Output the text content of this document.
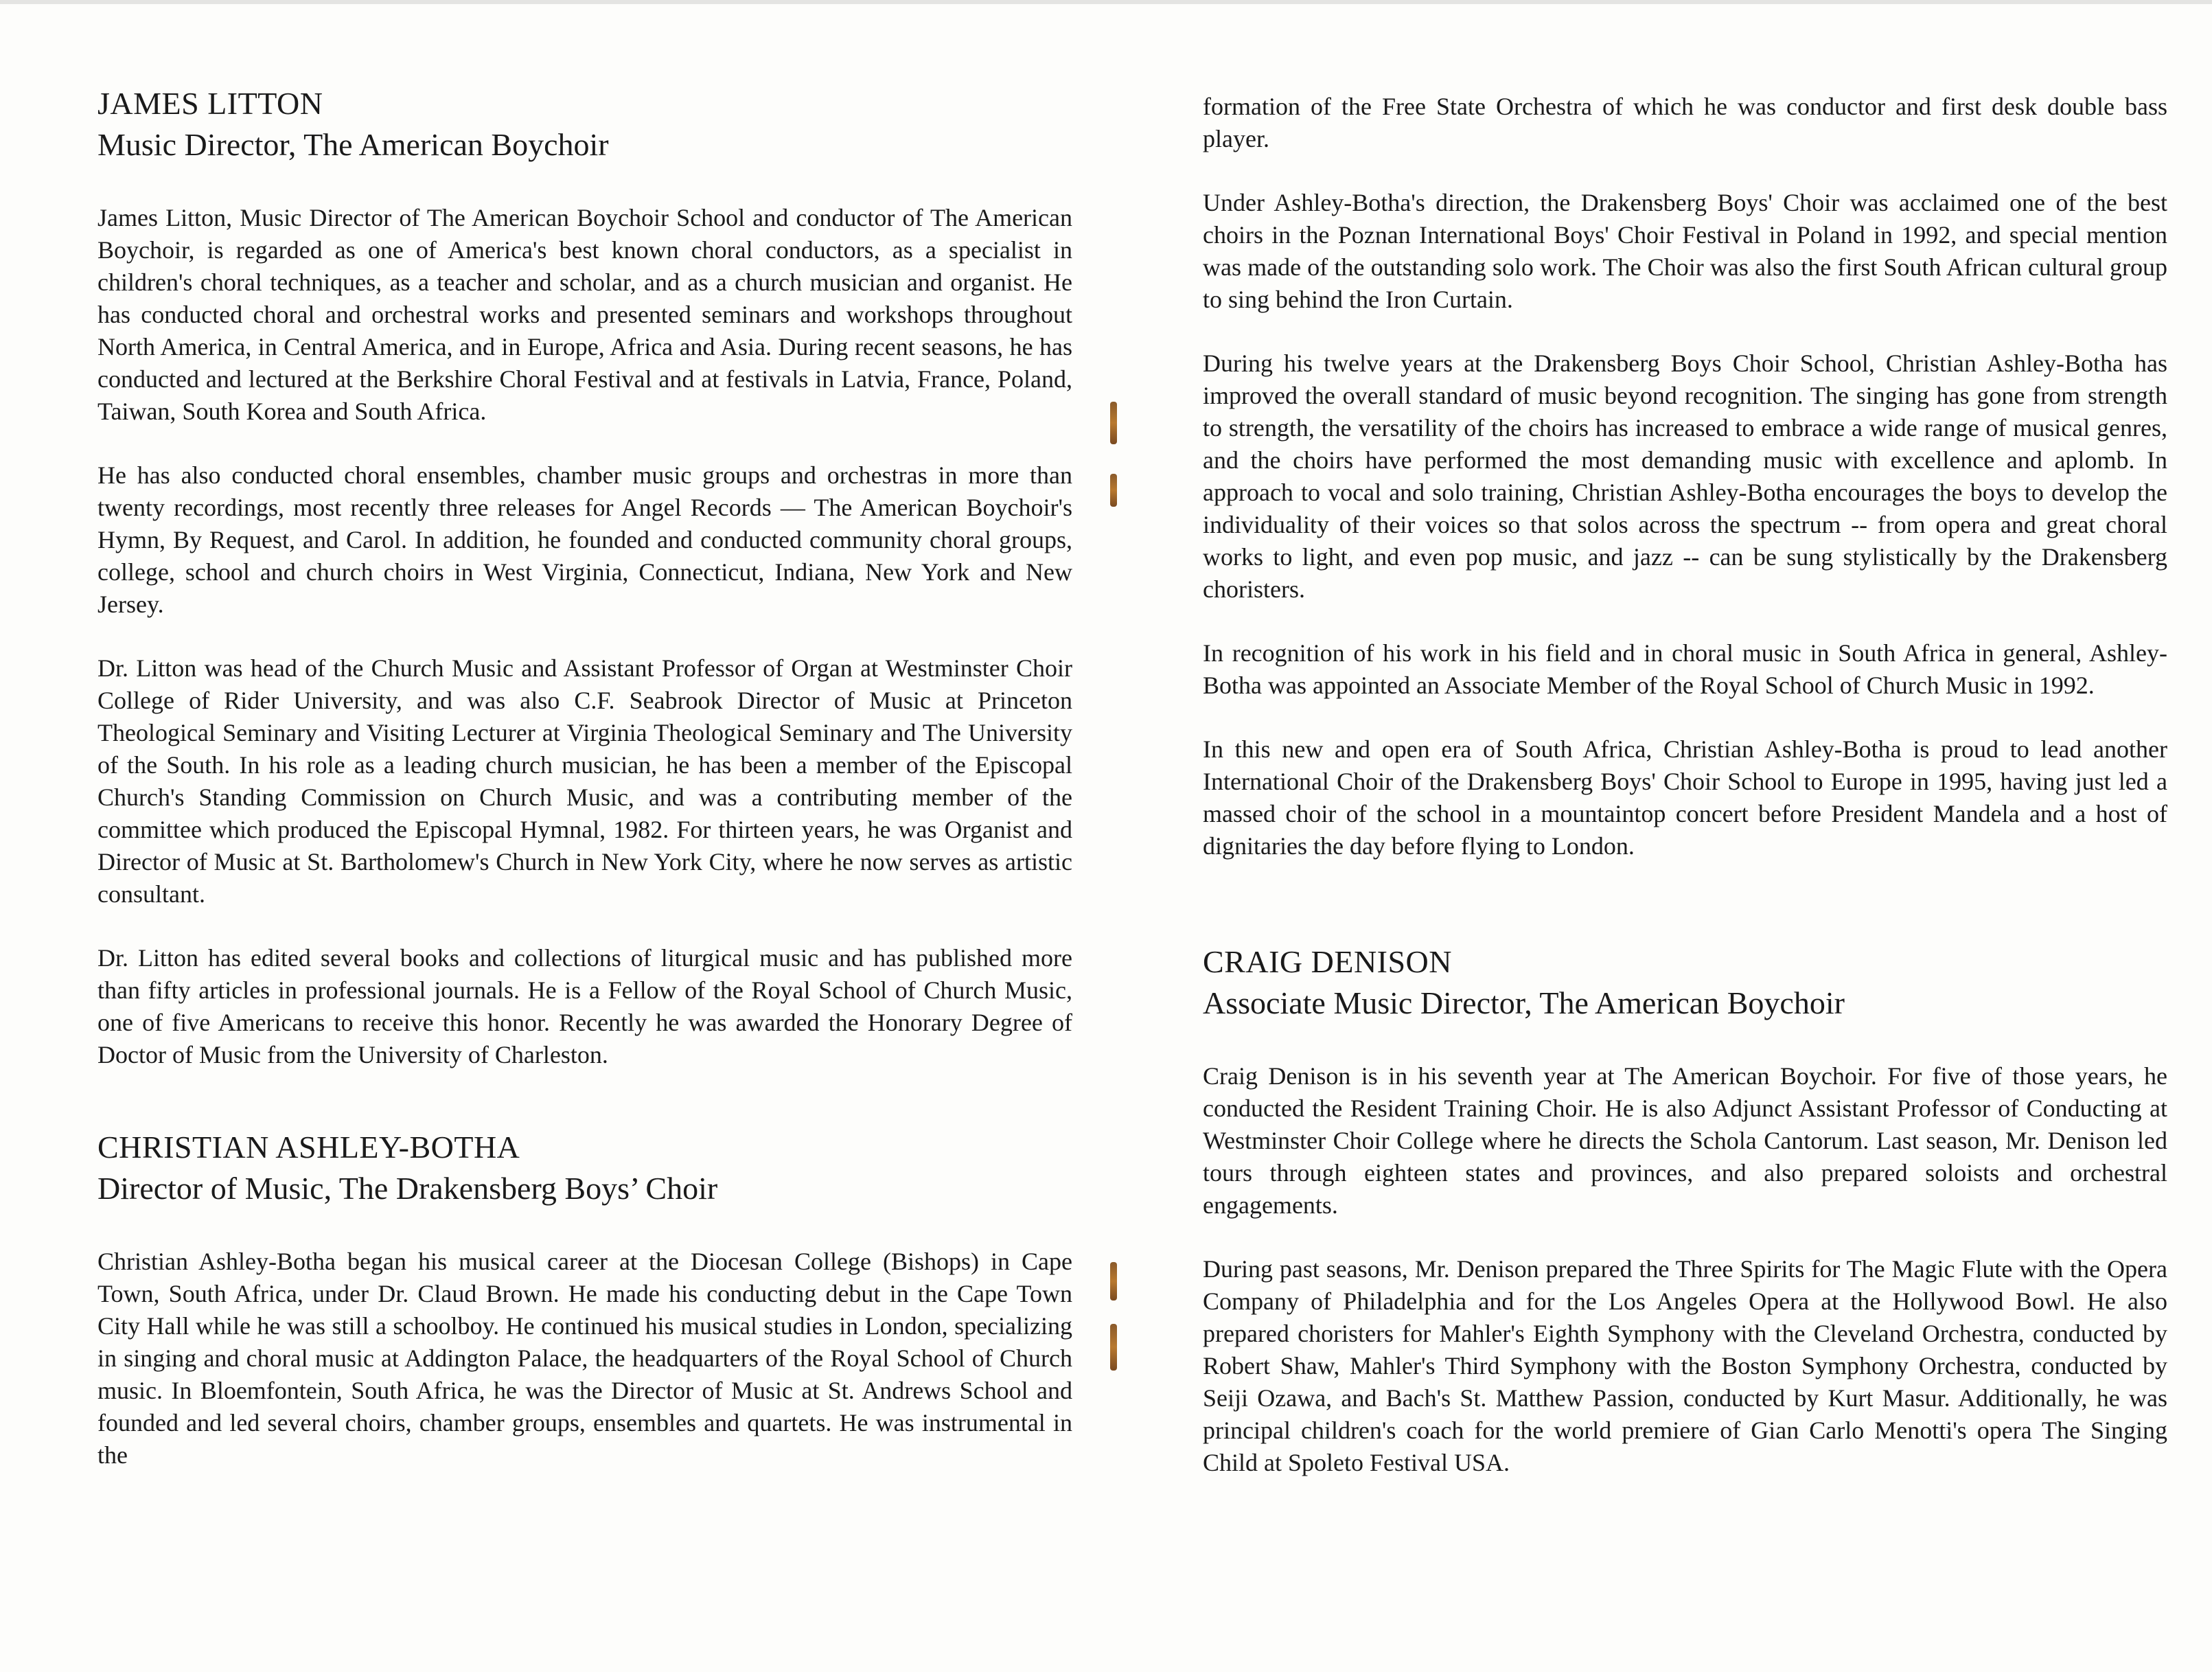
JAMES LITTON
Music Director, The American Boychoir

James Litton, Music Director of The American Boychoir School and conductor of The American Boychoir, is regarded as one of America's best known choral conductors, as a specialist in children's choral techniques, as a teacher and scholar, and as a church musician and organist. He has conducted choral and orchestral works and presented seminars and workshops throughout North America, in Central America, and in Europe, Africa and Asia. During recent seasons, he has conducted and lectured at the Berkshire Choral Festival and at festivals in Latvia, France, Poland, Taiwan, South Korea and South Africa.

He has also conducted choral ensembles, chamber music groups and orchestras in more than twenty recordings, most recently three releases for Angel Records — The American Boychoir's Hymn, By Request, and Carol. In addition, he founded and conducted community choral groups, college, school and church choirs in West Virginia, Connecticut, Indiana, New York and New Jersey.

Dr. Litton was head of the Church Music and Assistant Professor of Organ at Westminster Choir College of Rider University, and was also C.F. Seabrook Director of Music at Princeton Theological Seminary and Visiting Lecturer at Virginia Theological Seminary and The University of the South. In his role as a leading church musician, he has been a member of the Episcopal Church's Standing Commission on Church Music, and was a contributing member of the committee which produced the Episcopal Hymnal, 1982. For thirteen years, he was Organist and Director of Music at St. Bartholomew's Church in New York City, where he now serves as artistic consultant.

Dr. Litton has edited several books and collections of liturgical music and has published more than fifty articles in professional journals. He is a Fellow of the Royal School of Church Music, one of five Americans to receive this honor. Recently he was awarded the Honorary Degree of Doctor of Music from the University of Charleston.

CHRISTIAN ASHLEY-BOTHA
Director of Music, The Drakensberg Boys’ Choir

Christian Ashley-Botha began his musical career at the Diocesan College (Bishops) in Cape Town, South Africa, under Dr. Claud Brown. He made his conducting debut in the Cape Town City Hall while he was still a schoolboy. He continued his musical studies in London, specializing in singing and choral music at Addington Palace, the headquarters of the Royal School of Church music. In Bloemfontein, South Africa, he was the Director of Music at St. Andrews School and founded and led several choirs, chamber groups, ensembles and quartets. He was instrumental in the

formation of the Free State Orchestra of which he was conductor and first desk double bass player.

Under Ashley-Botha's direction, the Drakensberg Boys' Choir was acclaimed one of the best choirs in the Poznan International Boys' Choir Festival in Poland in 1992, and special mention was made of the outstanding solo work. The Choir was also the first South African cultural group to sing behind the Iron Curtain.

During his twelve years at the Drakensberg Boys Choir School, Christian Ashley-Botha has improved the overall standard of music beyond recognition. The singing has gone from strength to strength, the versatility of the choirs has increased to embrace a wide range of musical genres, and the choirs have performed the most demanding music with excellence and aplomb. In approach to vocal and solo training, Christian Ashley-Botha encourages the boys to develop the individuality of their voices so that solos across the spectrum -- from opera and great choral works to light, and even pop music, and jazz -- can be sung stylistically by the Drakensberg choristers.

In recognition of his work in his field and in choral music in South Africa in general, Ashley-Botha was appointed an Associate Member of the Royal School of Church Music in 1992.

In this new and open era of South Africa, Christian Ashley-Botha is proud to lead another International Choir of the Drakensberg Boys' Choir School to Europe in 1995, having just led a massed choir of the school in a mountaintop concert before President Mandela and a host of dignitaries the day before flying to London.

CRAIG DENISON
Associate Music Director, The American Boychoir

Craig Denison is in his seventh year at The American Boychoir. For five of those years, he conducted the Resident Training Choir. He is also Adjunct Assistant Professor of Conducting at Westminster Choir College where he directs the Schola Cantorum. Last season, Mr. Denison led tours through eighteen states and provinces, and also prepared soloists and orchestral engagements.

During past seasons, Mr. Denison prepared the Three Spirits for The Magic Flute with the Opera Company of Philadelphia and for the Los Angeles Opera at the Hollywood Bowl. He also prepared choristers for Mahler's Eighth Symphony with the Cleveland Orchestra, conducted by Robert Shaw, Mahler's Third Symphony with the Boston Symphony Orchestra, conducted by Seiji Ozawa, and Bach's St. Matthew Passion, conducted by Kurt Masur. Additionally, he was principal children's coach for the world premiere of Gian Carlo Menotti's opera The Singing Child at Spoleto Festival USA.
